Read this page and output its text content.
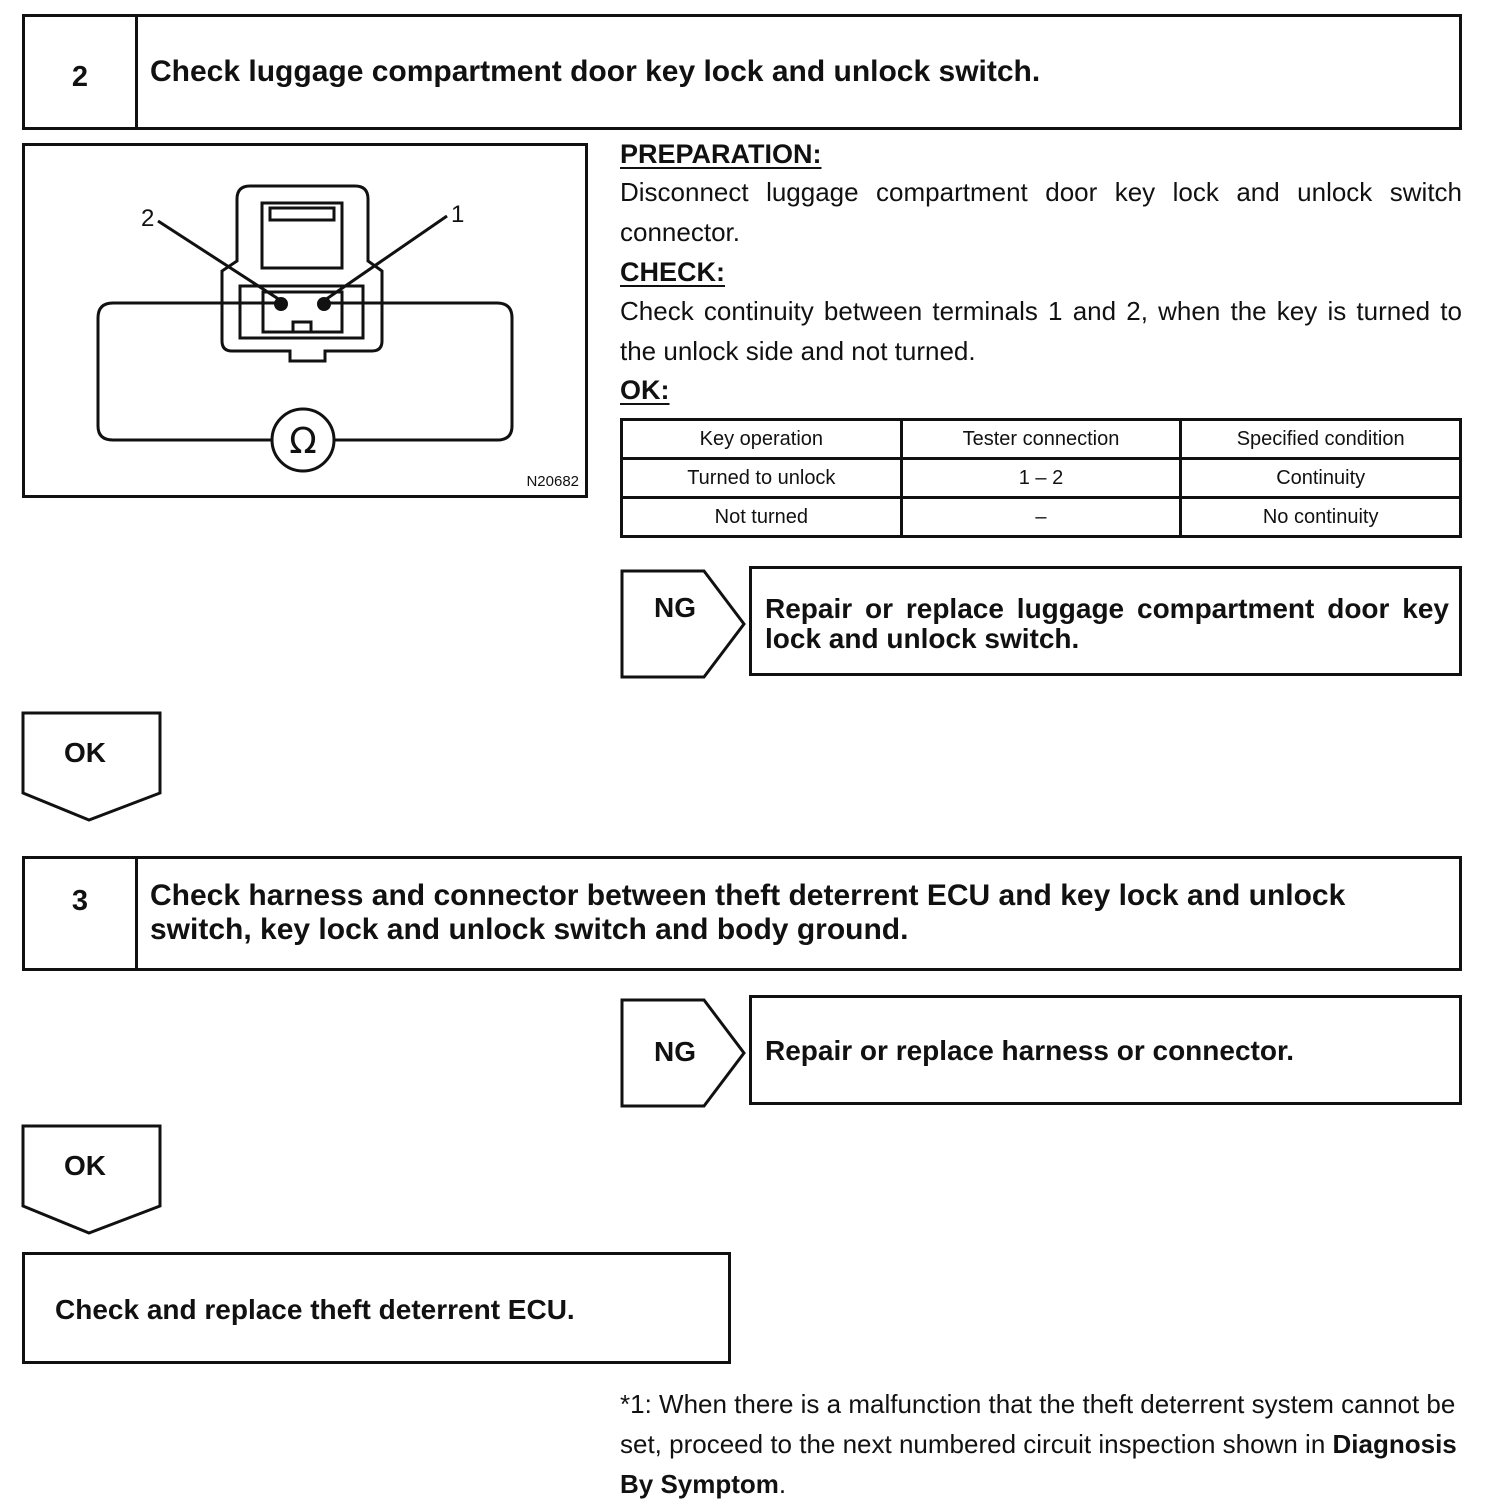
2	Check luggage compartment door key lock and unlock switch.
2	1
Ω
N20682
PREPARATION:
Disconnect luggage compartment door key lock and unlock switch connector.
CHECK:
Check continuity between terminals 1 and 2, when the key is turned to the unlock side and not turned.
OK:
Key operation	Tester connection	Specified condition
Turned to unlock	1 – 2	Continuity
Not turned	–	No continuity
NG Repair or replace luggage compartment door key lock and unlock switch.
OK
3	Check harness and connector between theft deterrent ECU and key lock and unlock switch, key lock and unlock switch and body ground.
NG Repair or replace harness or connector.
OK
Check and replace theft deterrent ECU.
*1: When there is a malfunction that the theft deterrent system cannot be set, proceed to the next numbered circuit inspection shown in Diagnosis By Symptom.
